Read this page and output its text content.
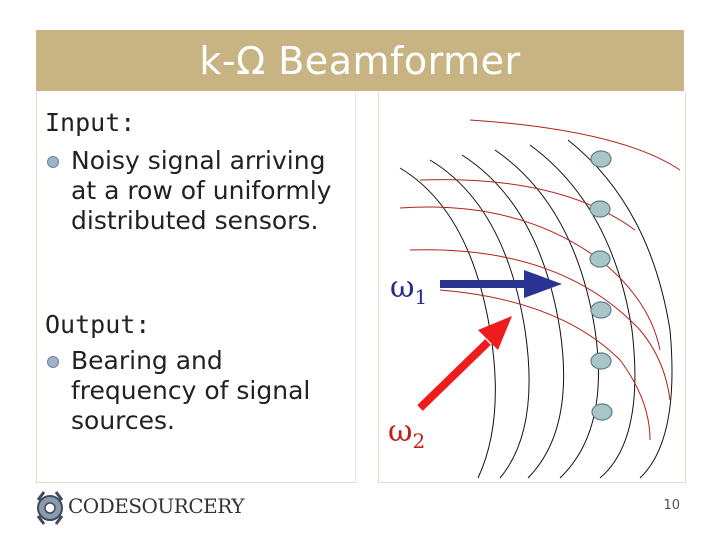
k-Ω Beamformer
Input:
Noisy signal arriving at a row of uniformly distributed sensors.
Output:
Bearing and frequency of signal sources.
$\omega_1$
$\omega_2$
CODESOURCERY	10
